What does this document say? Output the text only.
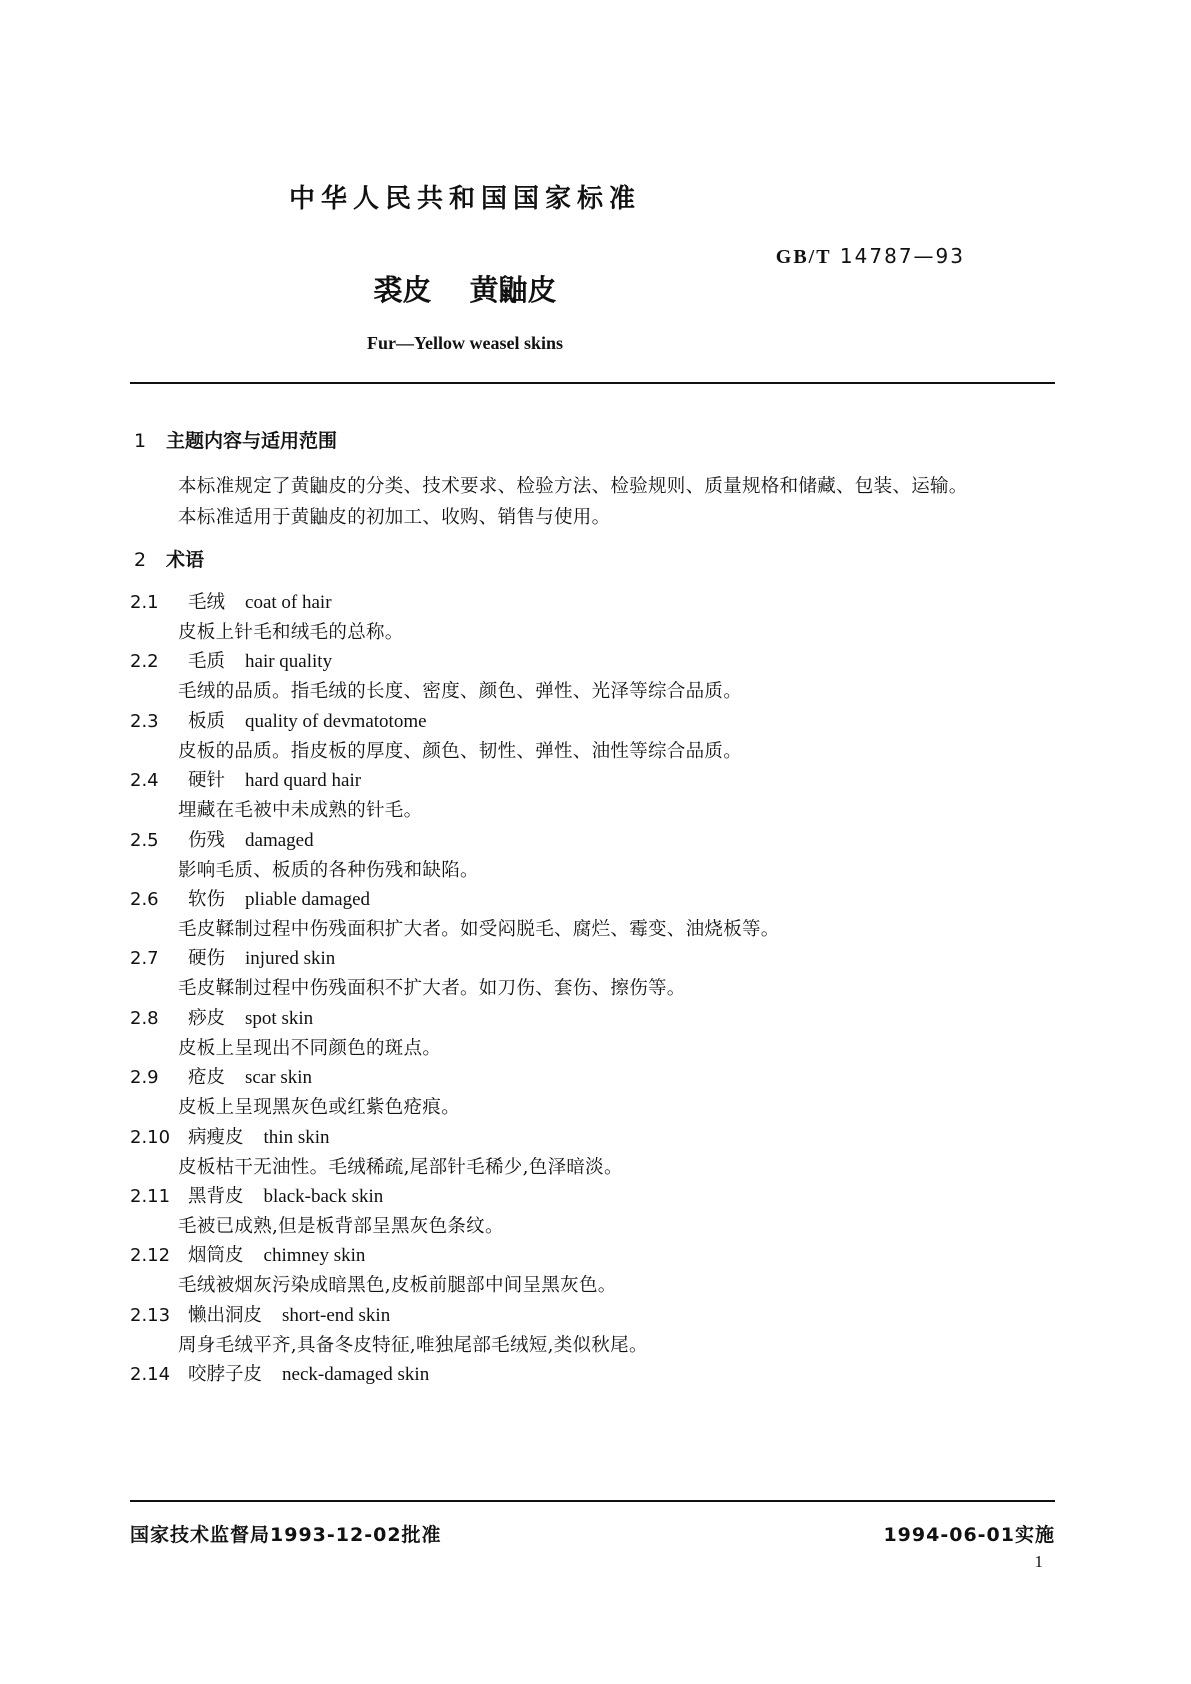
中华人民共和国国家标准
GB/T 14787—93
裘皮 黄鼬皮
Fur—Yellow weasel skins
1 主题内容与适用范围
本标准规定了黄鼬皮的分类、技术要求、检验方法、检验规则、质量规格和储藏、包装、运输。
本标准适用于黄鼬皮的初加工、收购、销售与使用。
2 术语
2.1 毛绒 coat of hair
皮板上针毛和绒毛的总称。
2.2 毛质 hair quality
毛绒的品质。指毛绒的长度、密度、颜色、弹性、光泽等综合品质。
2.3 板质 quality of devmatotome
皮板的品质。指皮板的厚度、颜色、韧性、弹性、油性等综合品质。
2.4 硬针 hard quard hair
埋藏在毛被中未成熟的针毛。
2.5 伤残 damaged
影响毛质、板质的各种伤残和缺陷。
2.6 软伤 pliable damaged
毛皮鞣制过程中伤残面积扩大者。如受闷脱毛、腐烂、霉变、油烧板等。
2.7 硬伤 injured skin
毛皮鞣制过程中伤残面积不扩大者。如刀伤、套伤、擦伤等。
2.8 痧皮 spot skin
皮板上呈现出不同颜色的斑点。
2.9 疮皮 scar skin
皮板上呈现黑灰色或红紫色疮痕。
2.10 病瘦皮 thin skin
皮板枯干无油性。毛绒稀疏,尾部针毛稀少,色泽暗淡。
2.11 黑背皮 black-back skin
毛被已成熟,但是板背部呈黑灰色条纹。
2.12 烟筒皮 chimney skin
毛绒被烟灰污染成暗黑色,皮板前腿部中间呈黑灰色。
2.13 懒出洞皮 short-end skin
周身毛绒平齐,具备冬皮特征,唯独尾部毛绒短,类似秋尾。
2.14 咬脖子皮 neck-damaged skin
国家技术监督局1993-12-02批准	1994-06-01实施
1
